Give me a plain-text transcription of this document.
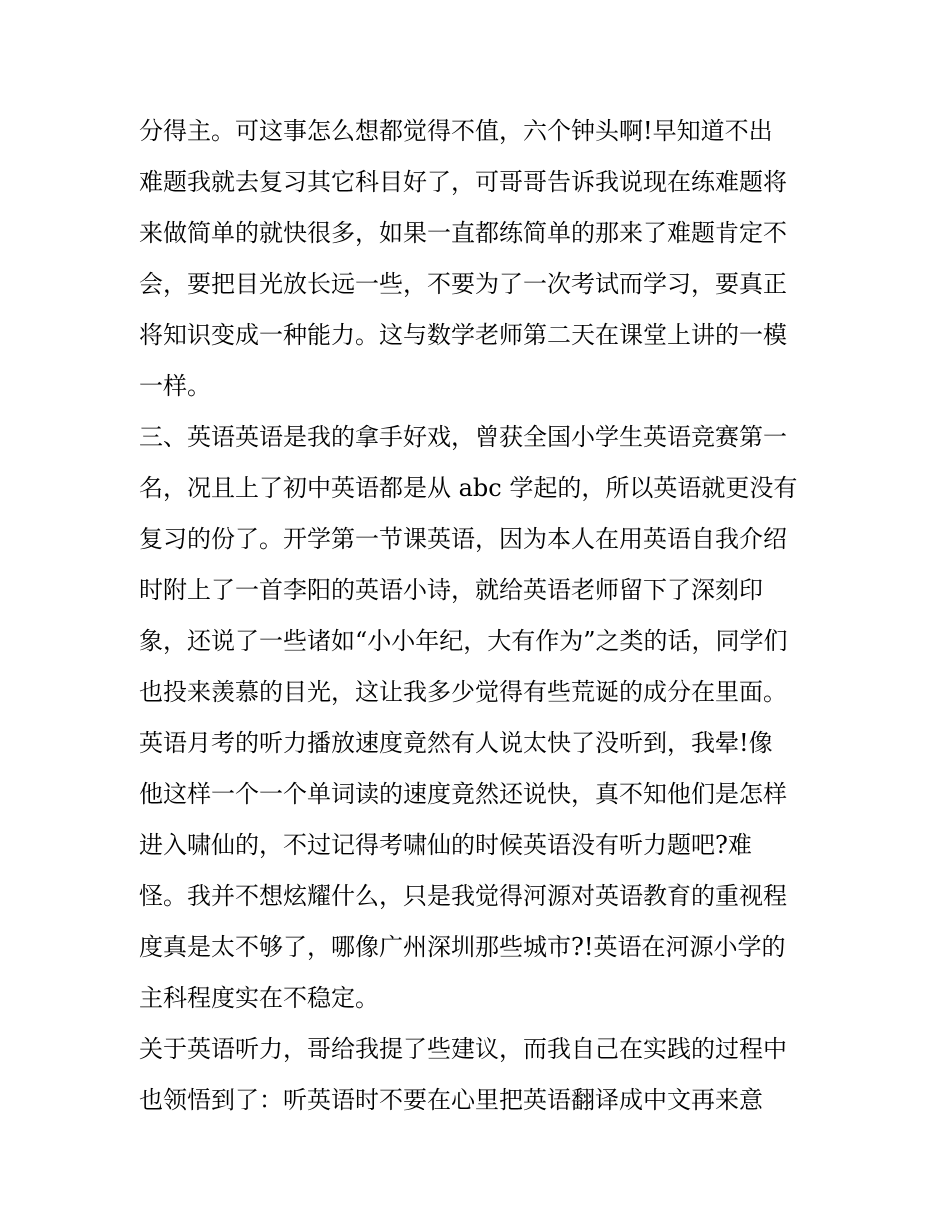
分得主。可这事怎么想都觉得不值，六个钟头啊!早知道不出
难题我就去复习其它科目好了，可哥哥告诉我说现在练难题将
来做简单的就快很多，如果一直都练简单的那来了难题肯定不
会，要把目光放长远一些，不要为了一次考试而学习，要真正
将知识变成一种能力。这与数学老师第二天在课堂上讲的一模
一样。
三、英语英语是我的拿手好戏，曾获全国小学生英语竞赛第一
名，况且上了初中英语都是从 abc 学起的，所以英语就更没有
复习的份了。开学第一节课英语，因为本人在用英语自我介绍
时附上了一首李阳的英语小诗，就给英语老师留下了深刻印
象，还说了一些诸如“小小年纪，大有作为”之类的话，同学们
也投来羡慕的目光，这让我多少觉得有些荒诞的成分在里面。
英语月考的听力播放速度竟然有人说太快了没听到，我晕!像
他这样一个一个单词读的速度竟然还说快，真不知他们是怎样
进入啸仙的，不过记得考啸仙的时候英语没有听力题吧?难
怪。我并不想炫耀什么，只是我觉得河源对英语教育的重视程
度真是太不够了，哪像广州深圳那些城市?!英语在河源小学的
主科程度实在不稳定。
关于英语听力，哥给我提了些建议，而我自己在实践的过程中
也领悟到了：听英语时不要在心里把英语翻译成中文再来意
